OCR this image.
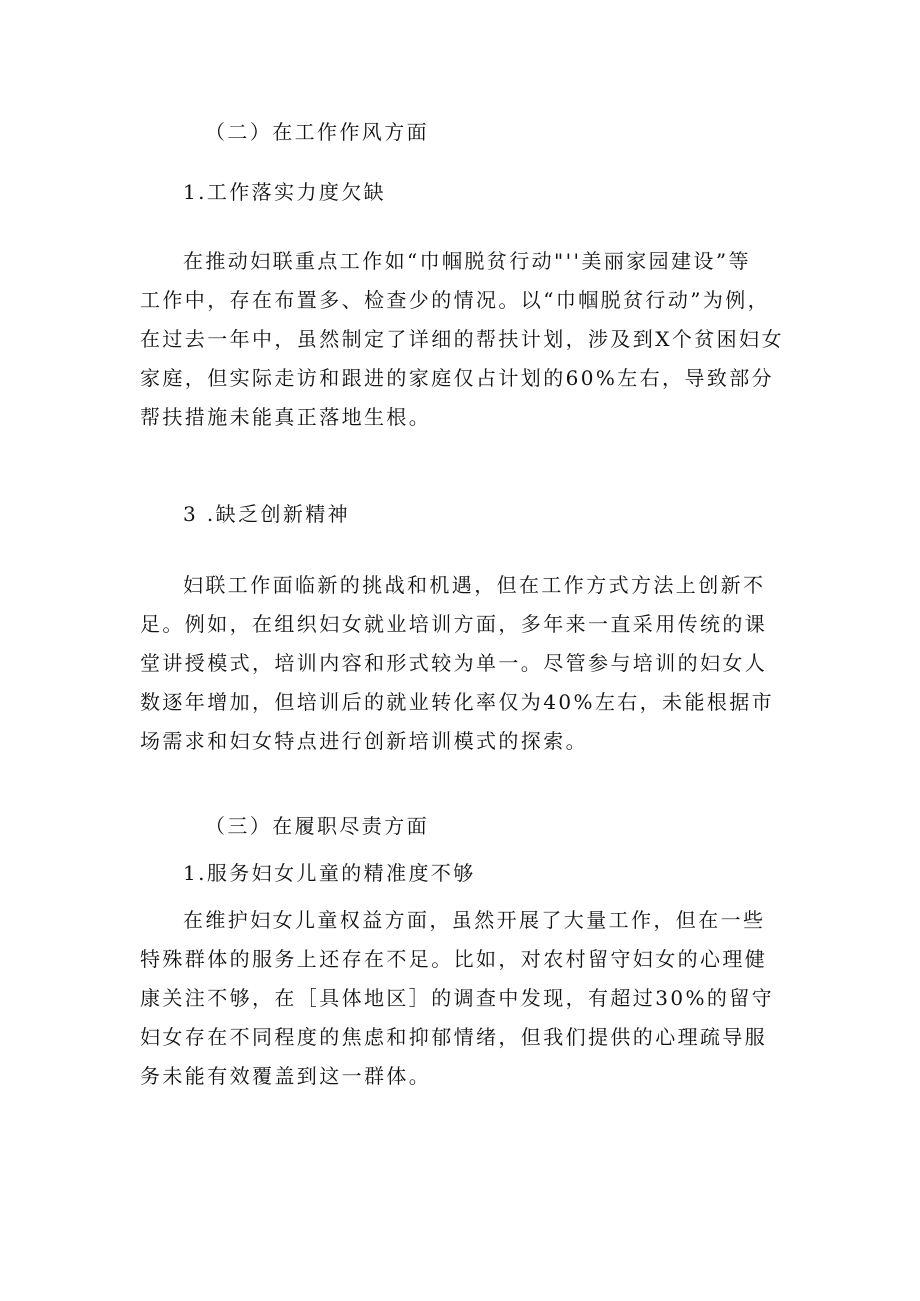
（二）在工作作风方面

1.工作落实力度欠缺

在推动妇联重点工作如“巾帼脱贫行动"''美丽家园建设”等
工作中，存在布置多、检查少的情况。以“巾帼脱贫行动”为例，
在过去一年中，虽然制定了详细的帮扶计划，涉及到X个贫困妇女
家庭，但实际走访和跟进的家庭仅占计划的60%左右，导致部分
帮扶措施未能真正落地生根。

3 .缺乏创新精神

妇联工作面临新的挑战和机遇，但在工作方式方法上创新不
足。例如，在组织妇女就业培训方面，多年来一直采用传统的课
堂讲授模式，培训内容和形式较为单一。尽管参与培训的妇女人
数逐年增加，但培训后的就业转化率仅为40%左右，未能根据市
场需求和妇女特点进行创新培训模式的探索。

（三）在履职尽责方面

1.服务妇女儿童的精准度不够

在维护妇女儿童权益方面，虽然开展了大量工作，但在一些
特殊群体的服务上还存在不足。比如，对农村留守妇女的心理健
康关注不够，在［具体地区］的调查中发现，有超过30%的留守
妇女存在不同程度的焦虑和抑郁情绪，但我们提供的心理疏导服
务未能有效覆盖到这一群体。
